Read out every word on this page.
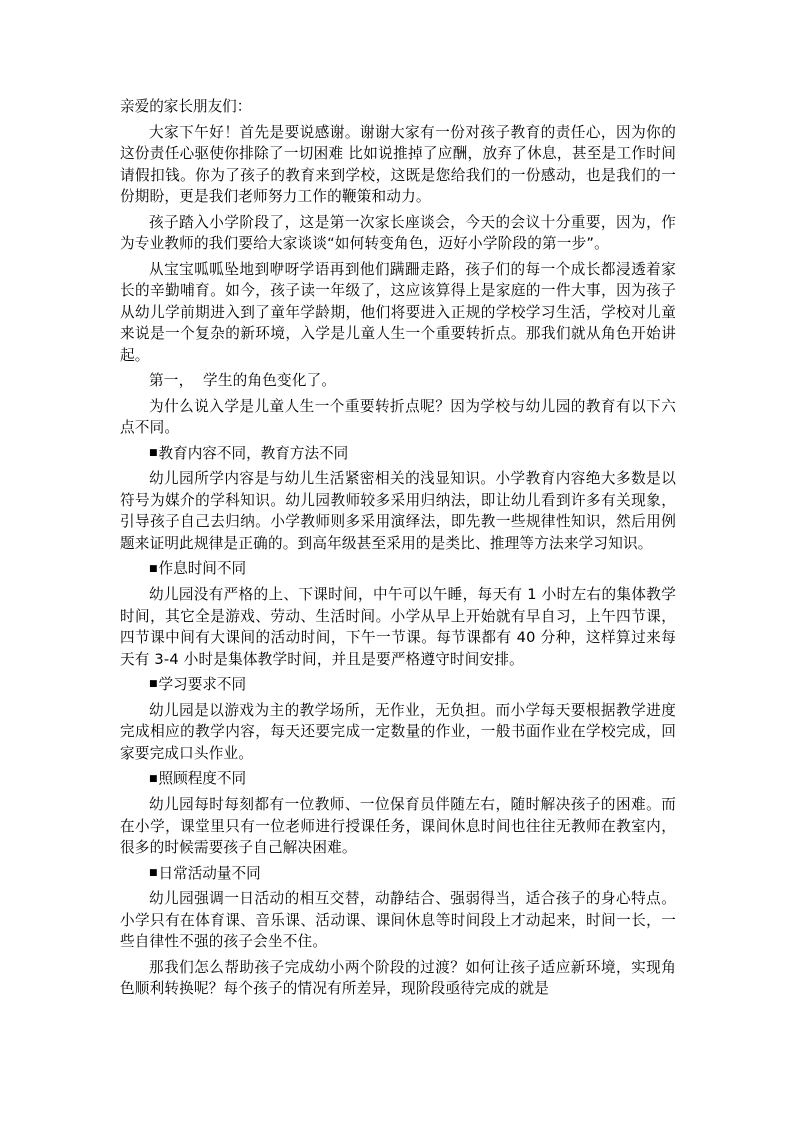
亲爱的家长朋友们：

大家下午好！首先是要说感谢。谢谢大家有一份对孩子教育的责任心，因为你的这份责任心驱使你排除了一切困难 比如说推掉了应酬，放弃了休息，甚至是工作时间请假扣钱。你为了孩子的教育来到学校，这既是您给我们的一份感动，也是我们的一份期盼，更是我们老师努力工作的鞭策和动力。

孩子踏入小学阶段了，这是第一次家长座谈会，今天的会议十分重要，因为，作为专业教师的我们要给大家谈谈“如何转变角色，迈好小学阶段的第一步”。

从宝宝呱呱坠地到咿呀学语再到他们蹒跚走路，孩子们的每一个成长都浸透着家长的辛勤哺育。如今，孩子读一年级了，这应该算得上是家庭的一件大事，因为孩子从幼儿学前期进入到了童年学龄期，他们将要进入正规的学校学习生活，学校对儿童来说是一个复杂的新环境，入学是儿童人生一个重要转折点。那我们就从角色开始讲起。

第一，  学生的角色变化了。

为什么说入学是儿童人生一个重要转折点呢？因为学校与幼儿园的教育有以下六点不同。

■教育内容不同，教育方法不同

幼儿园所学内容是与幼儿生活紧密相关的浅显知识。小学教育内容绝大多数是以符号为媒介的学科知识。幼儿园教师较多采用归纳法，即让幼儿看到许多有关现象，引导孩子自己去归纳。小学教师则多采用演绎法，即先教一些规律性知识，然后用例题来证明此规律是正确的。到高年级甚至采用的是类比、推理等方法来学习知识。

■作息时间不同

幼儿园没有严格的上、下课时间，中午可以午睡，每天有 1 小时左右的集体教学时间，其它全是游戏、劳动、生活时间。小学从早上开始就有早自习，上午四节课，四节课中间有大课间的活动时间，下午一节课。每节课都有 40 分种，这样算过来每天有 3-4 小时是集体教学时间，并且是要严格遵守时间安排。

■学习要求不同

幼儿园是以游戏为主的教学场所，无作业，无负担。而小学每天要根据教学进度完成相应的教学内容，每天还要完成一定数量的作业，一般书面作业在学校完成，回家要完成口头作业。

■照顾程度不同

幼儿园每时每刻都有一位教师、一位保育员伴随左右，随时解决孩子的困难。而在小学，课堂里只有一位老师进行授课任务，课间休息时间也往往无教师在教室内，很多的时候需要孩子自己解决困难。

■日常活动量不同

幼儿园强调一日活动的相互交替，动静结合、强弱得当，适合孩子的身心特点。小学只有在体育课、音乐课、活动课、课间休息等时间段上才动起来，时间一长，一些自律性不强的孩子会坐不住。

那我们怎么帮助孩子完成幼小两个阶段的过渡？如何让孩子适应新环境，实现角色顺利转换呢？每个孩子的情况有所差异，现阶段亟待完成的就是
